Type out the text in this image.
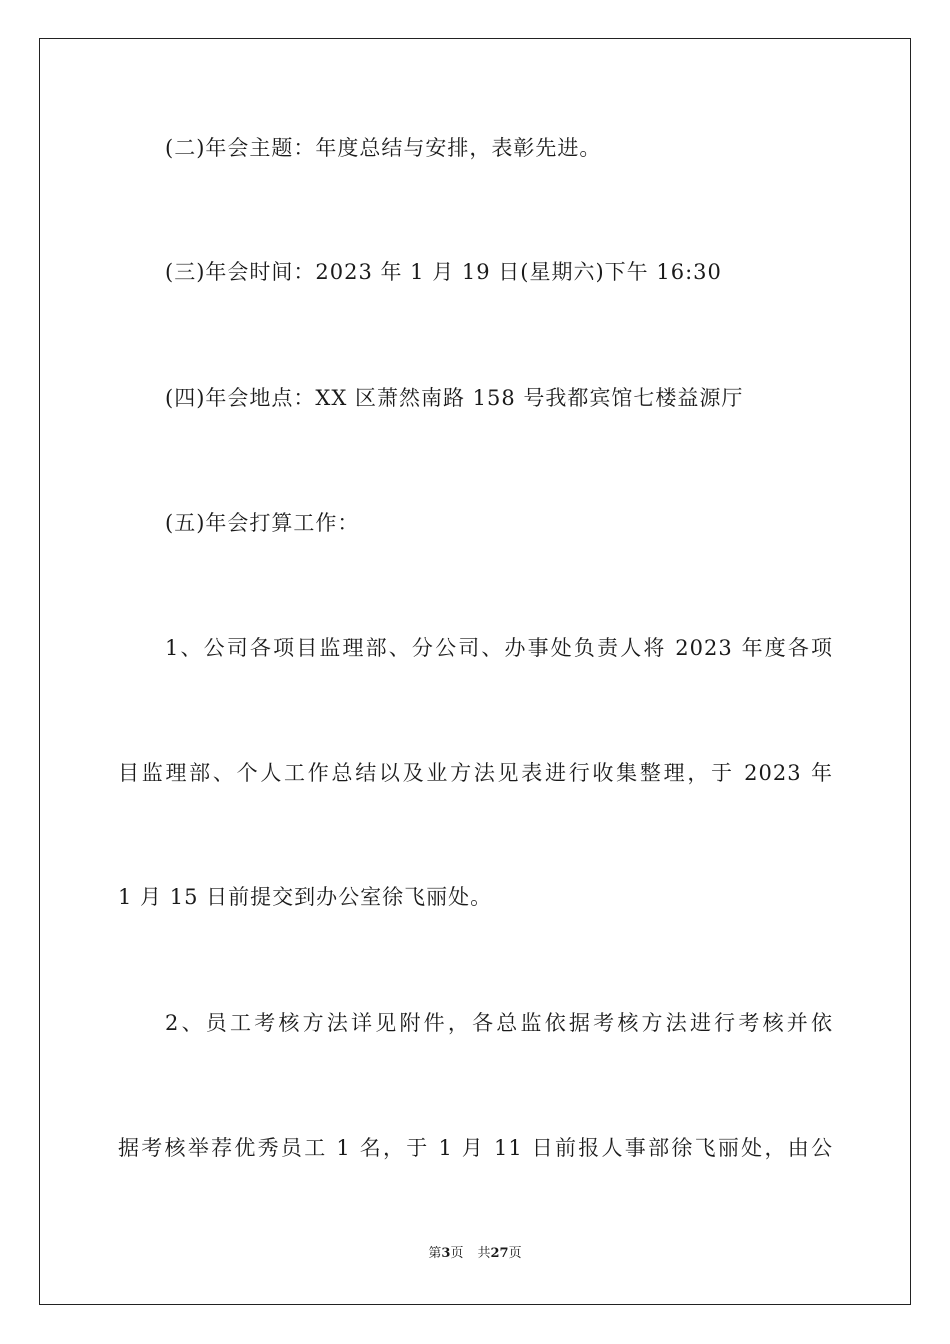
(二)年会主题：年度总结与安排，表彰先进。
(三)年会时间：2023 年 1 月 19 日(星期六)下午 16:30
(四)年会地点：XX 区萧然南路 158 号我都宾馆七楼益源厅
(五)年会打算工作：
1、公司各项目监理部、分公司、办事处负责人将 2023 年度各项
目监理部、个人工作总结以及业方法见表进行收集整理，于 2023 年
1 月 15 日前提交到办公室徐飞丽处。
2、员工考核方法详见附件，各总监依据考核方法进行考核并依
据考核举荐优秀员工 1 名，于 1 月 11 日前报人事部徐飞丽处，由公
第3页 共27页
